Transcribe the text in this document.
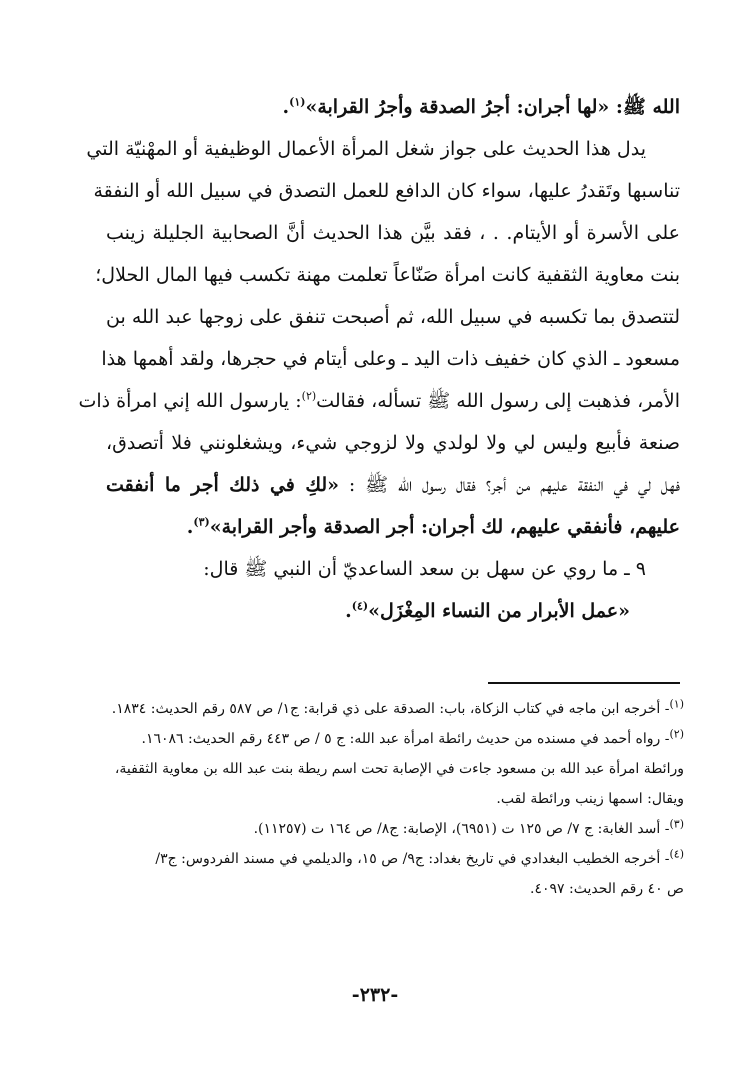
الله ﷺ: «لها أجران: أجرُ الصدقة وأجرُ القرابة»$^{(١)}$.
يدل هذا الحديث على جواز شغل المرأة الأعمال الوظيفية أو المهْنيّة التي
تناسبها وتَقدرُ عليها، سواء كان الدافع للعمل التصدق في سبيل الله أو النفقة
على الأسرة أو الأيتام. . ، فقد بيَّن هذا الحديث أنَّ الصحابية الجليلة زينب
بنت معاوية الثقفية كانت امرأة صَنّاعاً تعلمت مهنة تكسب فيها المال الحلال؛
لتتصدق بما تكسبه في سبيل الله، ثم أصبحت تنفق على زوجها عبد الله بن
مسعود ـ الذي كان خفيف ذات اليد ـ وعلى أيتام في حجرها، ولقد أهمها هذا
الأمر، فذهبت إلى رسول الله ﷺ تسأله، فقالت$^{(٢)}$: يارسول الله إني امرأة ذات
صنعة فأبيع وليس لي ولا لولدي ولا لزوجي شيء، ويشغلونني فلا أتصدق،
فهل لي في النفقة عليهم من أجر؟ فقال رسول الله ﷺ : «لكِ في ذلك أجر ما أنفقت
عليهم، فأنفقي عليهم، لك أجران: أجر الصدقة وأجر القرابة»$^{(٣)}$.
٩ ـ ما روي عن سهل بن سعد الساعديّ أن النبي ﷺ قال:
«عمل الأبرار من النساء المِغْزَل»$^{(٤)}$.
$^{(١)}$- أخرجه ابن ماجه في كتاب الزكاة، باب: الصدقة على ذي قرابة: ج١/ ص ٥٨٧ رقم الحديث: ١٨٣٤.
$^{(٢)}$- رواه أحمد في مسنده من حديث رائطة امرأة عبد الله: ج ٥ / ص ٤٤٣ رقم الحديث: ١٦٠٨٦.
ورائطة امرأة عبد الله بن مسعود جاءت في الإصابة تحت اسم ريطة بنت عبد الله بن معاوية الثقفية،
ويقال: اسمها زينب ورائطة لقب.
$^{(٣)}$- أسد الغابة: ج ٧/ ص ١٢٥ ت (٦٩٥١)، الإصابة: ج٨/ ص ١٦٤ ت (١١٢٥٧).
$^{(٤)}$- أخرجه الخطيب البغدادي في تاريخ بغداد: ج٩/ ص ١٥، والديلمي في مسند الفردوس: ج٣/
ص ٤٠ رقم الحديث: ٤٠٩٧.
-٢٣٢-
